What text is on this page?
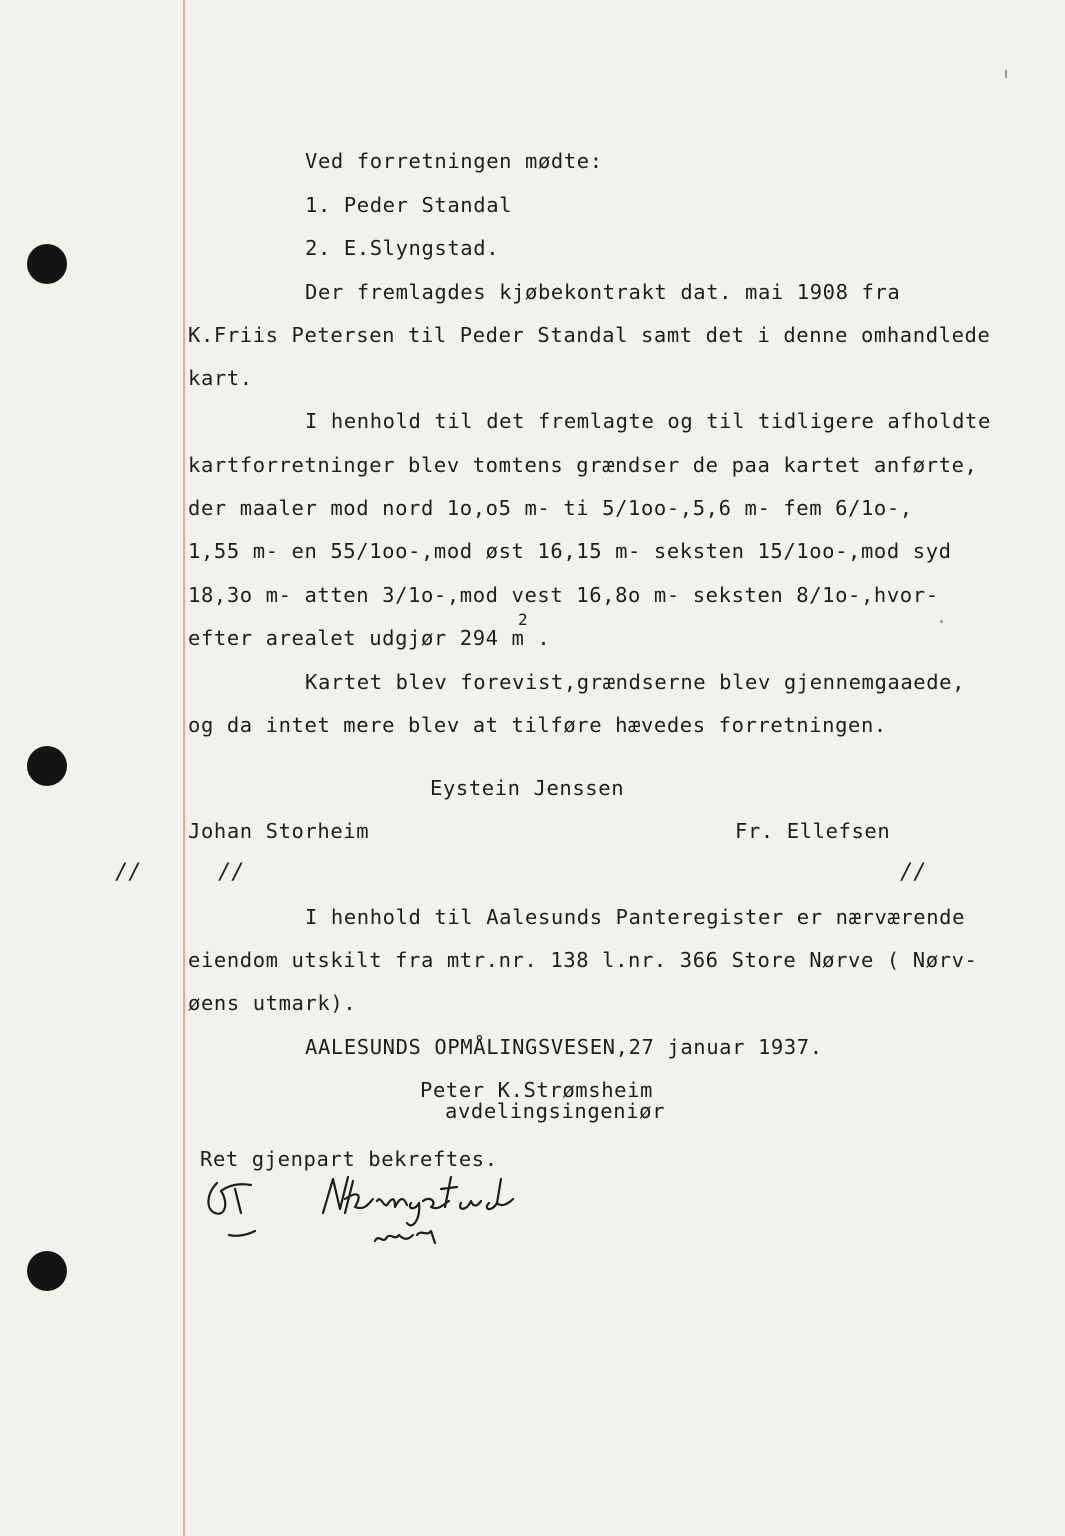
Ved forretningen mødte:
1. Peder Standal
2. E.Slyngstad.
Der fremlagdes kjøbekontrakt dat. mai 1908 fra
K.Friis Petersen til Peder Standal samt det i denne omhandlede
kart.
I henhold til det fremlagte og til tidligere afholdte
kartforretninger blev tomtens grændser de paa kartet anførte,
der maaler mod nord 1o,o5 m- ti 5/1oo-,5,6 m- fem 6/1o-,
1,55 m- en 55/1oo-,mod øst 16,15 m- seksten 15/1oo-,mod syd
18,3o m- atten 3/1o-,mod vest 16,8o m- seksten 8/1o-,hvor-
efter arealet udgjør 294 m .
2
Kartet blev forevist,grændserne blev gjennemgaaede,
og da intet mere blev at tilføre hævedes forretningen.
Eystein Jenssen
Johan Storheim	Fr. Ellefsen
//	//	//
I henhold til Aalesunds Panteregister er nærværende
eiendom utskilt fra mtr.nr. 138 l.nr. 366 Store Nørve ( Nørv-
øens utmark).
AALESUNDS OPMÅLINGSVESEN,27 januar 1937.
Peter K.Strømsheim
avdelingsingeniør
Ret gjenpart bekreftes.
